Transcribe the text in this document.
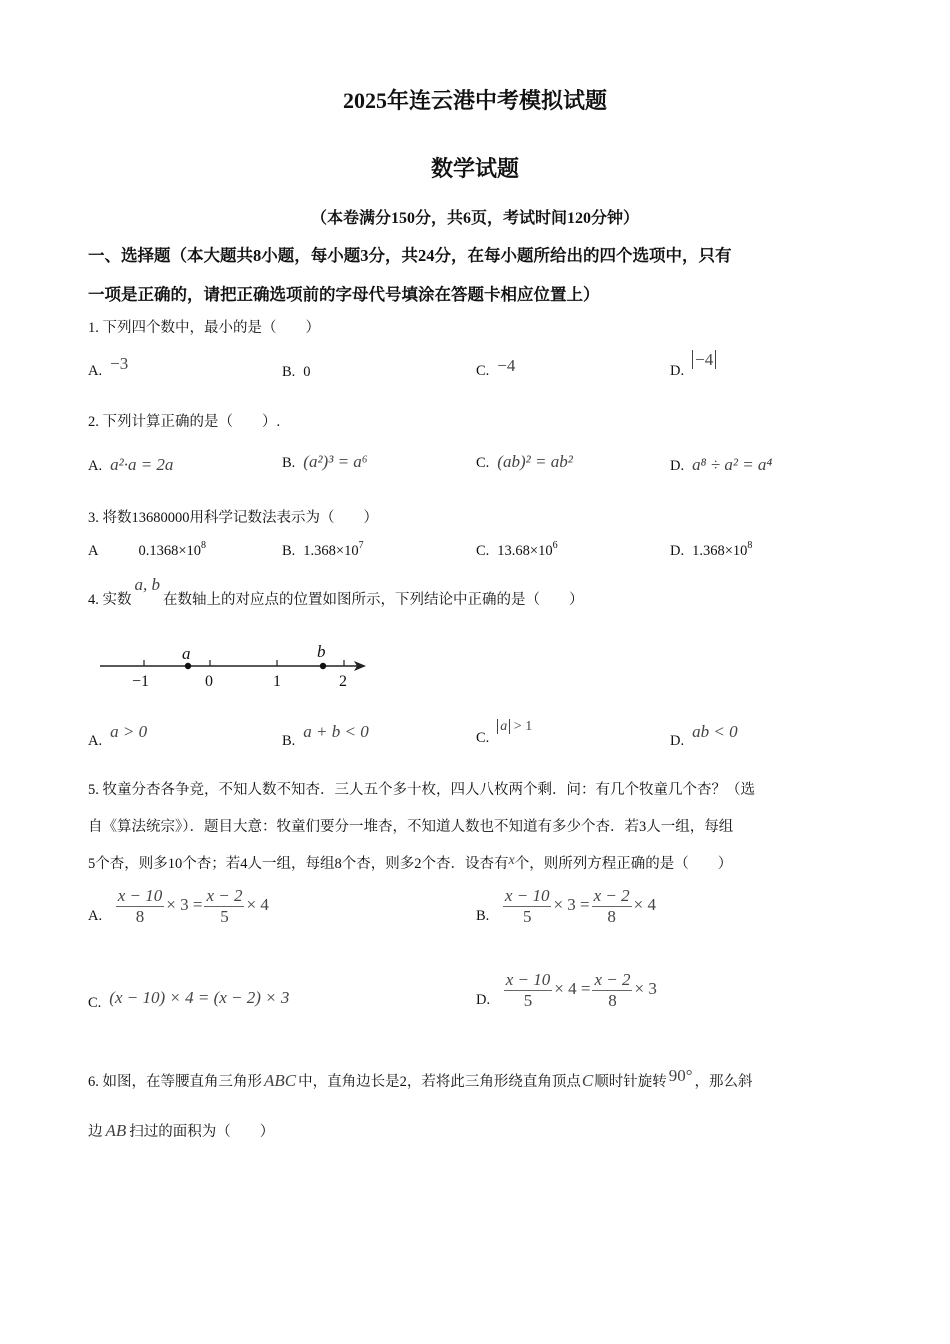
2025年连云港中考模拟试题
数学试题
（本卷满分150分，共6页，考试时间120分钟）
一、选择题（本大题共8小题，每小题3分，共24分，在每小题所给出的四个选项中，只有
一项是正确的，请把正确选项前的字母代号填涂在答题卡相应位置上）
1. 下列四个数中，最小的是（　　）
A. −3	B. 0	C. −4	D.−4
2. 下列计算正确的是（　　）.
A. a²·a = 2a	B. (a²)³ = a⁶	C. (ab)² = ab²	D. a⁸ ÷ a² = a⁴
3. 将数13680000用科学记数法表示为（　　）
A	$0.1368\times 10^8$	B. $1.368\times 10^7$	C. $13.68\times 10^6$	D. $1.368\times 10^8$
4. 实数a, b在数轴上的对应点的位置如图所示，下列结论中正确的是（　　）
a	b
−1	0	1	2
A. a > 0	B. a + b < 0	C.a > 1
D. ab < 0
5. 牧童分杏各争竞，不知人数不知杏．三人五个多十枚，四人八枚两个剩．问：有几个牧童几个杏？（选
自《算法统宗》）．题目大意：牧童们要分一堆杏，不知道人数也不知道有多少个杏．若3人一组，每组
5个杏，则多10个杏；若4人一组，每组8个杏，则多2个杏．设杏有x个，则所列方程正确的是（　　）
A. $\frac{x - 10}{8} \times 3 = \frac{x - 2}{5} \times 4$
B. $\frac{x - 10}{5} \times 3 = \frac{x - 2}{8} \times 4$
C. (x − 10) × 4 = (x − 2) × 3	D. $\frac{x - 10}{5} \times 4 = \frac{x - 2}{8} \times 3$
6. 如图，在等腰直角三角形 ABC 中，直角边长是2，若将此三角形绕直角顶点C顺时针旋转 90° ，那么斜
边 AB 扫过的面积为（　　）
